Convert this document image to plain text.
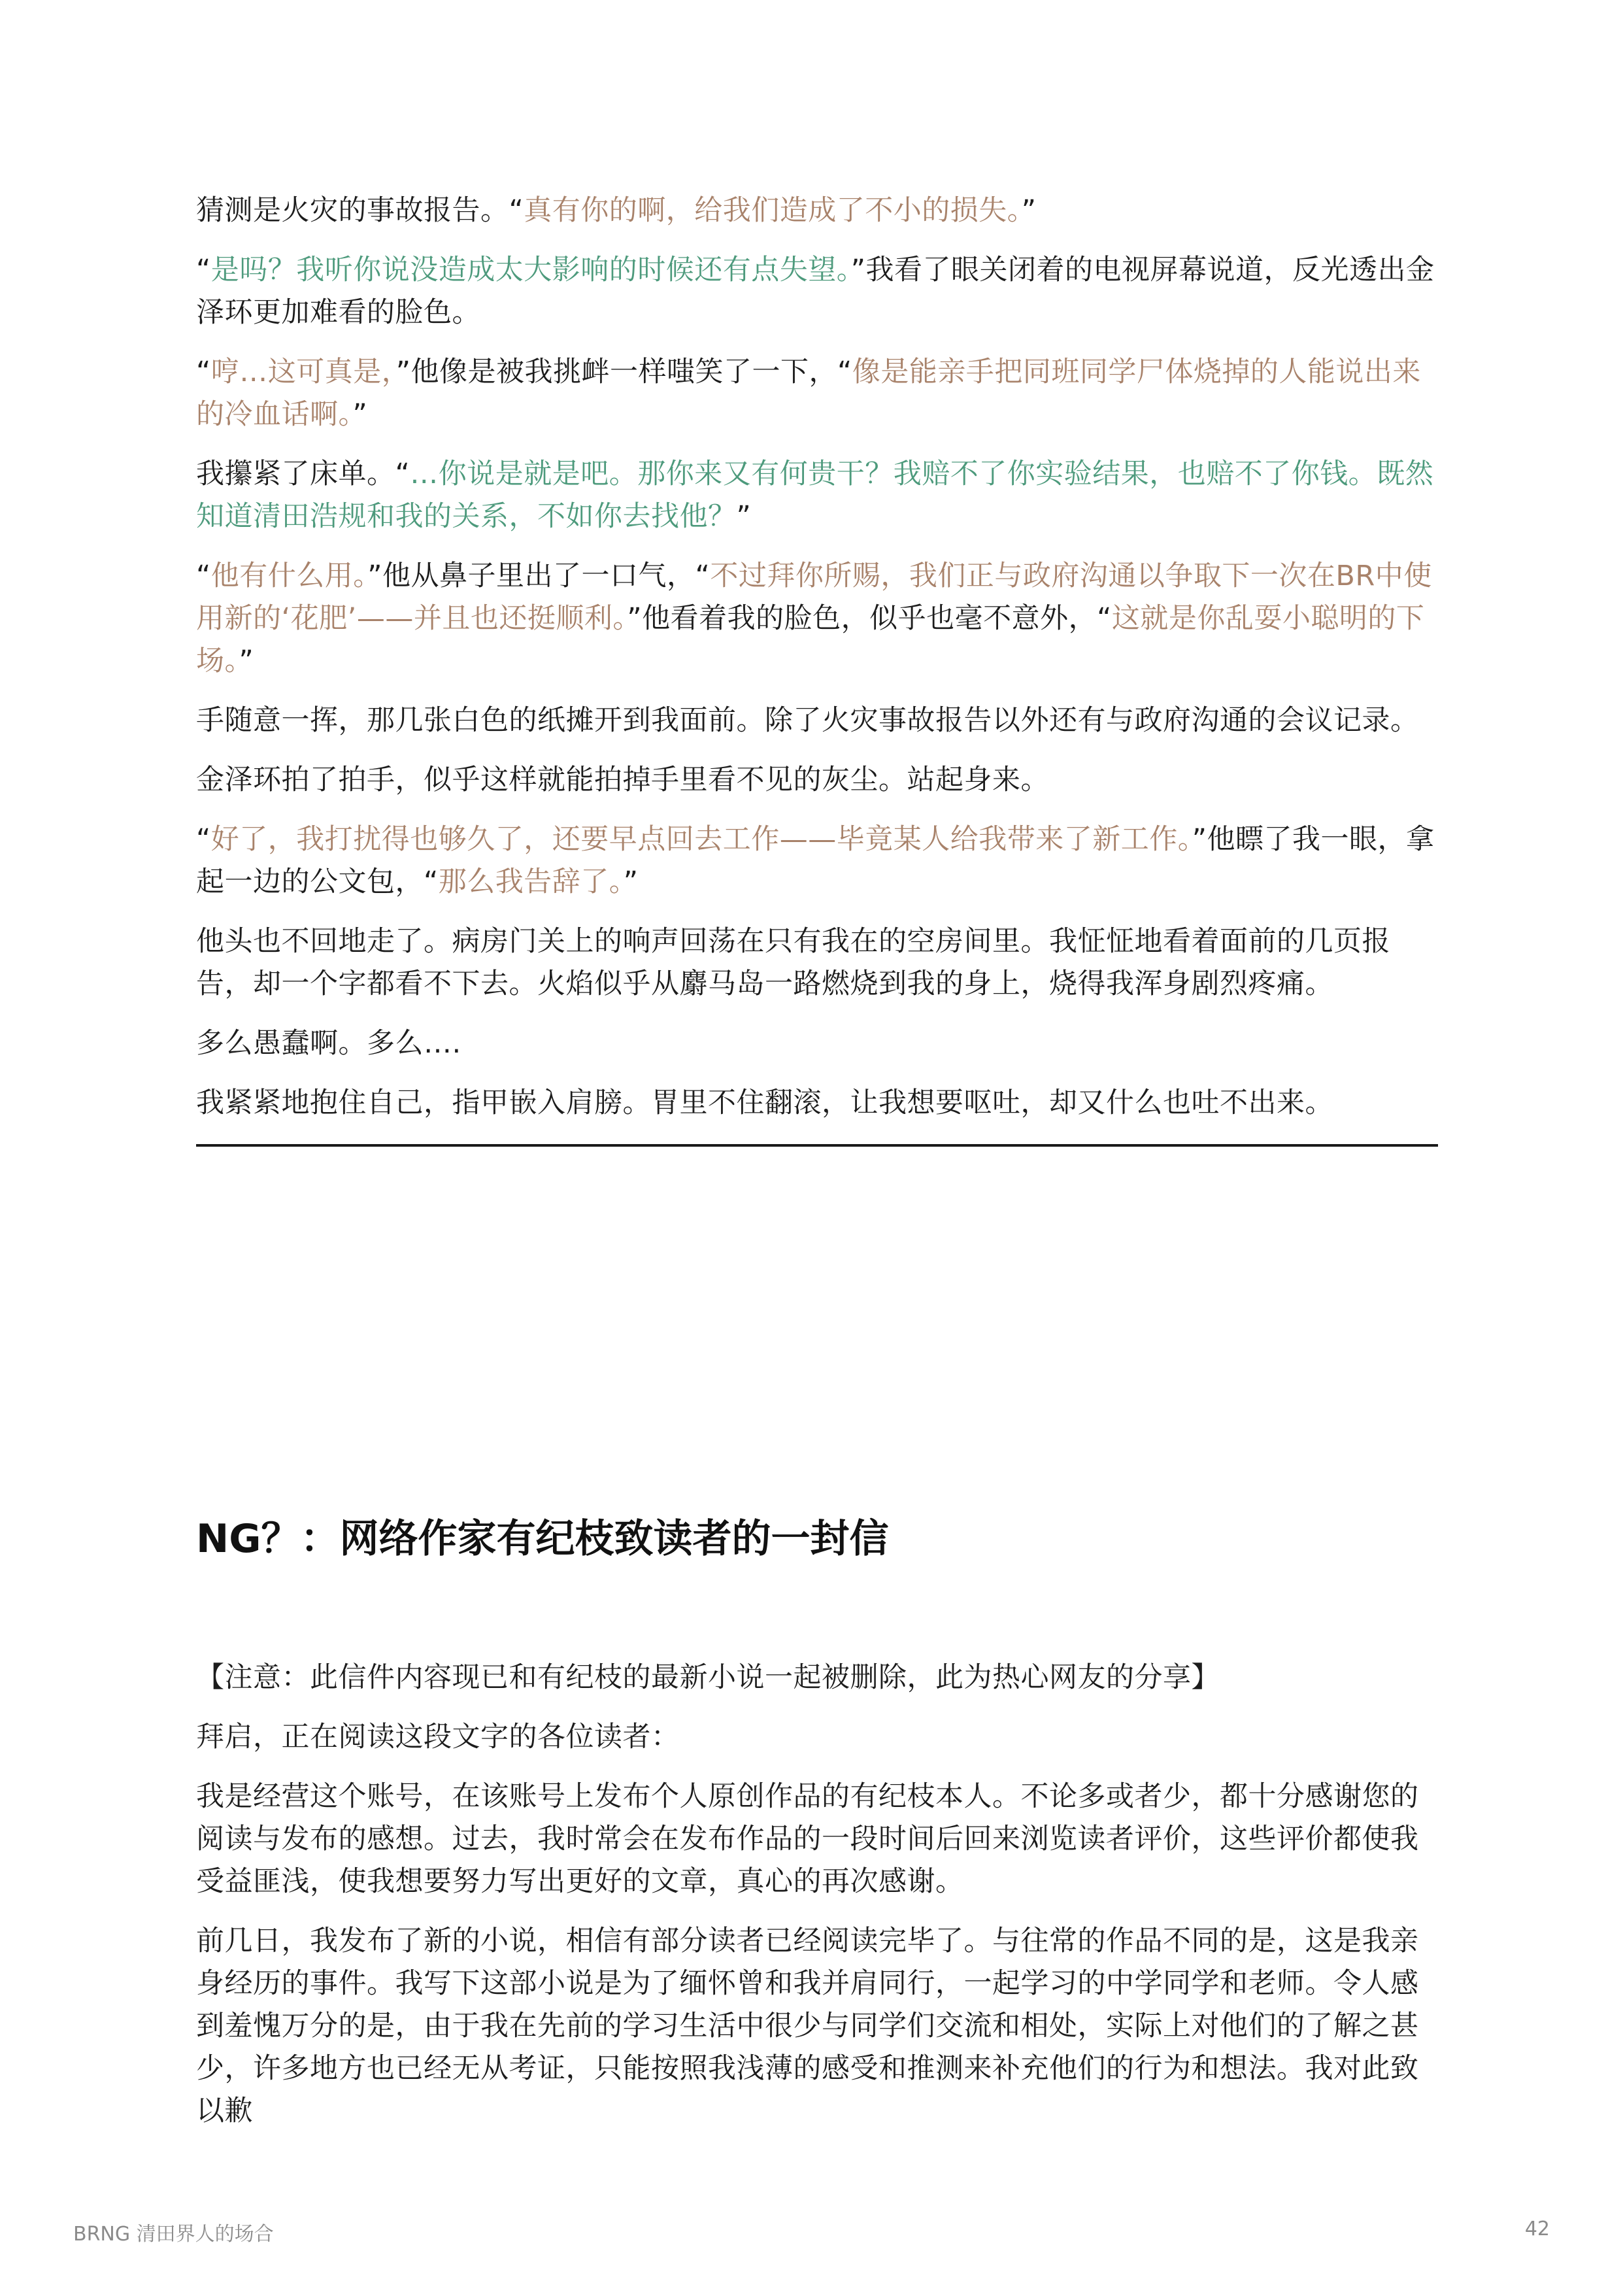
猜测是火灾的事故报告。“真有你的啊，给我们造成了不小的损失。”

“是吗？我听你说没造成太大影响的时候还有点失望。”我看了眼关闭着的电视屏幕说道，反光透出金泽环更加难看的脸色。

“哼…这可真是，”他像是被我挑衅一样嗤笑了一下，“像是能亲手把同班同学尸体烧掉的人能说出来的冷血话啊。”

我攥紧了床单。“…你说是就是吧。那你来又有何贵干？我赔不了你实验结果，也赔不了你钱。既然知道清田浩规和我的关系，不如你去找他？”

“他有什么用。”他从鼻子里出了一口气，“不过拜你所赐，我们正与政府沟通以争取下一次在BR中使用新的‘花肥’——并且也还挺顺利。”他看着我的脸色，似乎也毫不意外，“这就是你乱耍小聪明的下场。”

手随意一挥，那几张白色的纸摊开到我面前。除了火灾事故报告以外还有与政府沟通的会议记录。

金泽环拍了拍手，似乎这样就能拍掉手里看不见的灰尘。站起身来。

“好了，我打扰得也够久了，还要早点回去工作——毕竟某人给我带来了新工作。”他瞟了我一眼，拿起一边的公文包，“那么我告辞了。”

他头也不回地走了。病房门关上的响声回荡在只有我在的空房间里。我怔怔地看着面前的几页报告，却一个字都看不下去。火焰似乎从麝马岛一路燃烧到我的身上，烧得我浑身剧烈疼痛。

多么愚蠢啊。多么….

我紧紧地抱住自己，指甲嵌入肩膀。胃里不住翻滚，让我想要呕吐，却又什么也吐不出来。

NG？：网络作家有纪枝致读者的一封信

【注意：此信件内容现已和有纪枝的最新小说一起被删除，此为热心网友的分享】

拜启，正在阅读这段文字的各位读者：

我是经营这个账号，在该账号上发布个人原创作品的有纪枝本人。不论多或者少，都十分感谢您的阅读与发布的感想。过去，我时常会在发布作品的一段时间后回来浏览读者评价，这些评价都使我受益匪浅，使我想要努力写出更好的文章，真心的再次感谢。

前几日，我发布了新的小说，相信有部分读者已经阅读完毕了。与往常的作品不同的是，这是我亲身经历的事件。我写下这部小说是为了缅怀曾和我并肩同行，一起学习的中学同学和老师。令人感到羞愧万分的是，由于我在先前的学习生活中很少与同学们交流和相处，实际上对他们的了解之甚少，许多地方也已经无从考证，只能按照我浅薄的感受和推测来补充他们的行为和想法。我对此致以歉

BRNG 清田界人的场合	42
